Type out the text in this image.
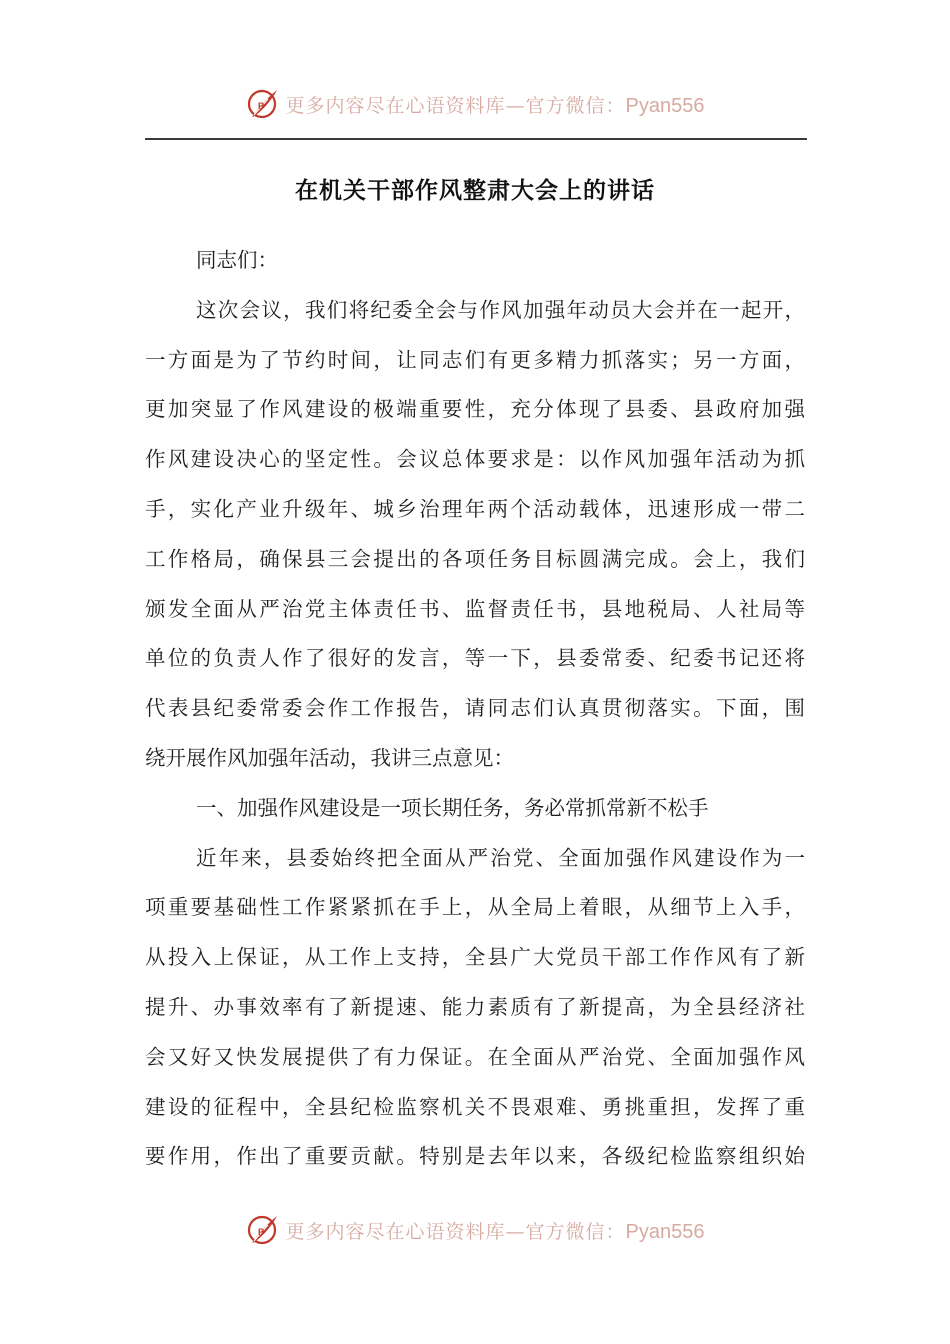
P 更多内容尽在心语资料库—官方微信：Pyan556
在机关干部作风整肃大会上的讲话
同志们：
这次会议，我们将纪委全会与作风加强年动员大会并在一起开，
一方面是为了节约时间，让同志们有更多精力抓落实；另一方面，
更加突显了作风建设的极端重要性，充分体现了县委、县政府加强
作风建设决心的坚定性。会议总体要求是：以作风加强年活动为抓
手，实化产业升级年、城乡治理年两个活动载体，迅速形成一带二
工作格局，确保县三会提出的各项任务目标圆满完成。会上，我们
颁发全面从严治党主体责任书、监督责任书，县地税局、人社局等
单位的负责人作了很好的发言，等一下，县委常委、纪委书记还将
代表县纪委常委会作工作报告，请同志们认真贯彻落实。下面，围
绕开展作风加强年活动，我讲三点意见：
一、加强作风建设是一项长期任务，务必常抓常新不松手
近年来，县委始终把全面从严治党、全面加强作风建设作为一
项重要基础性工作紧紧抓在手上，从全局上着眼，从细节上入手，
从投入上保证，从工作上支持，全县广大党员干部工作作风有了新
提升、办事效率有了新提速、能力素质有了新提高，为全县经济社
会又好又快发展提供了有力保证。在全面从严治党、全面加强作风
建设的征程中，全县纪检监察机关不畏艰难、勇挑重担，发挥了重
要作用，作出了重要贡献。特别是去年以来，各级纪检监察组织始
P 更多内容尽在心语资料库—官方微信：Pyan556
